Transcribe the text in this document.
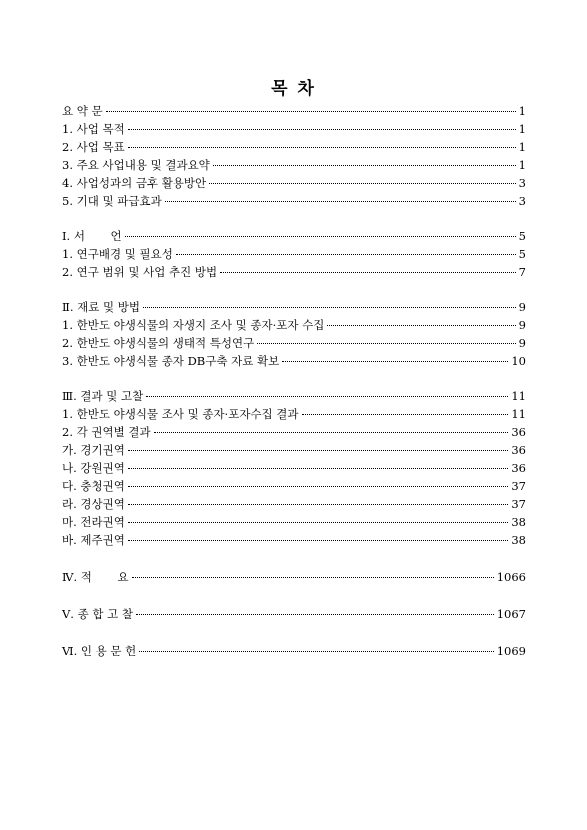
목 차
요 약 문	1
1. 사업 목적	1
2. 사업 목표	1
3. 주요 사업내용 및 결과요약	1
4. 사업성과의 금후 활용방안	3
5. 기대 및 파급효과	3
Ⅰ. 서       언	5
1. 연구배경 및 필요성	5
2. 연구 범위 및 사업 추진 방법	7
Ⅱ. 재료 및 방법	9
1. 한반도 야생식물의 자생지 조사 및 종자·포자 수집	9
2. 한반도 야생식물의 생태적 특성연구	9
3. 한반도 야생식물 종자 DB구축 자료 확보	10
Ⅲ. 결과 및 고찰	11
1. 한반도 야생식물 조사 및 종자·포자수집 결과	11
2. 각 권역별 결과	36
가. 경기권역	36
나. 강원권역	36
다. 충청권역	37
라. 경상권역	37
마. 전라권역	38
바. 제주권역	38
Ⅳ. 적       요	1066
Ⅴ. 종 합 고 찰	1067
Ⅵ. 인 용 문 헌	1069
